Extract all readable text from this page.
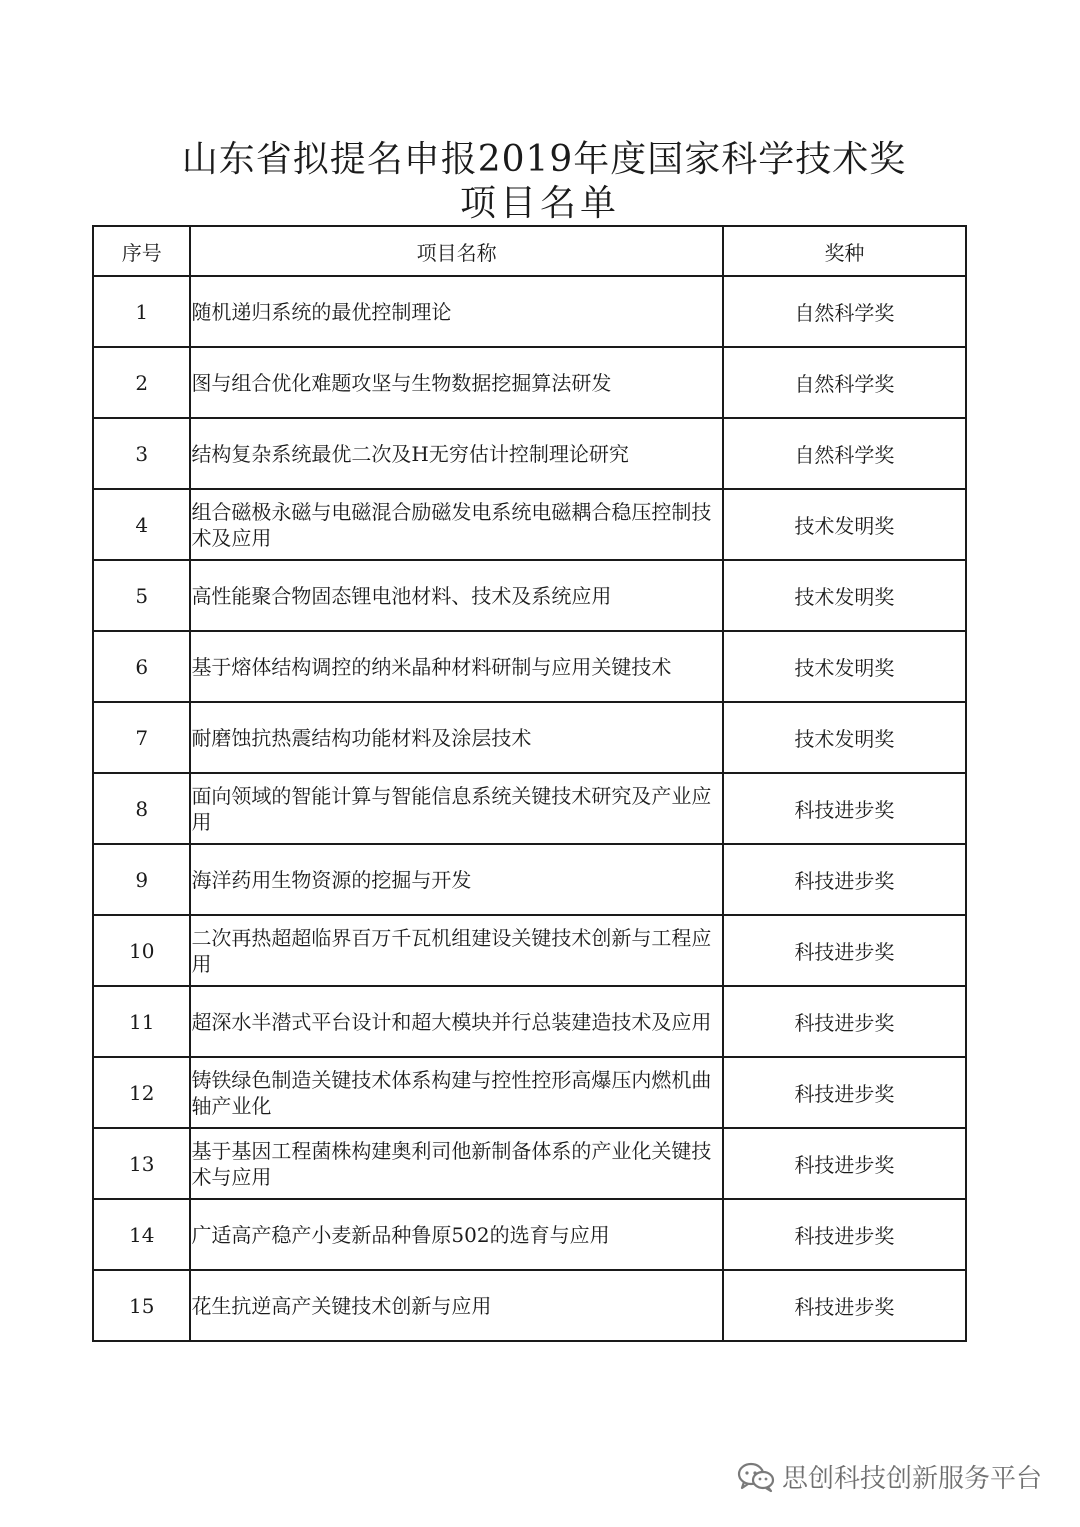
山东省拟提名申报2019年度国家科学技术奖
项目名单
序号	项目名称	奖种
1	随机递归系统的最优控制理论	自然科学奖
2	图与组合优化难题攻坚与生物数据挖掘算法研发	自然科学奖
3	结构复杂系统最优二次及H无穷估计控制理论研究	自然科学奖
4	组合磁极永磁与电磁混合励磁发电系统电磁耦合稳压控制技术及应用	技术发明奖
5	高性能聚合物固态锂电池材料、技术及系统应用	技术发明奖
6	基于熔体结构调控的纳米晶种材料研制与应用关键技术	技术发明奖
7	耐磨蚀抗热震结构功能材料及涂层技术	技术发明奖
8	面向领域的智能计算与智能信息系统关键技术研究及产业应用	科技进步奖
9	海洋药用生物资源的挖掘与开发	科技进步奖
10	二次再热超超临界百万千瓦机组建设关键技术创新与工程应用	科技进步奖
11	超深水半潜式平台设计和超大模块并行总装建造技术及应用	科技进步奖
12	铸铁绿色制造关键技术体系构建与控性控形高爆压内燃机曲轴产业化	科技进步奖
13	基于基因工程菌株构建奥利司他新制备体系的产业化关键技术与应用	科技进步奖
14	广适高产稳产小麦新品种鲁原502的选育与应用	科技进步奖
15	花生抗逆高产关键技术创新与应用	科技进步奖
思创科技创新服务平台
